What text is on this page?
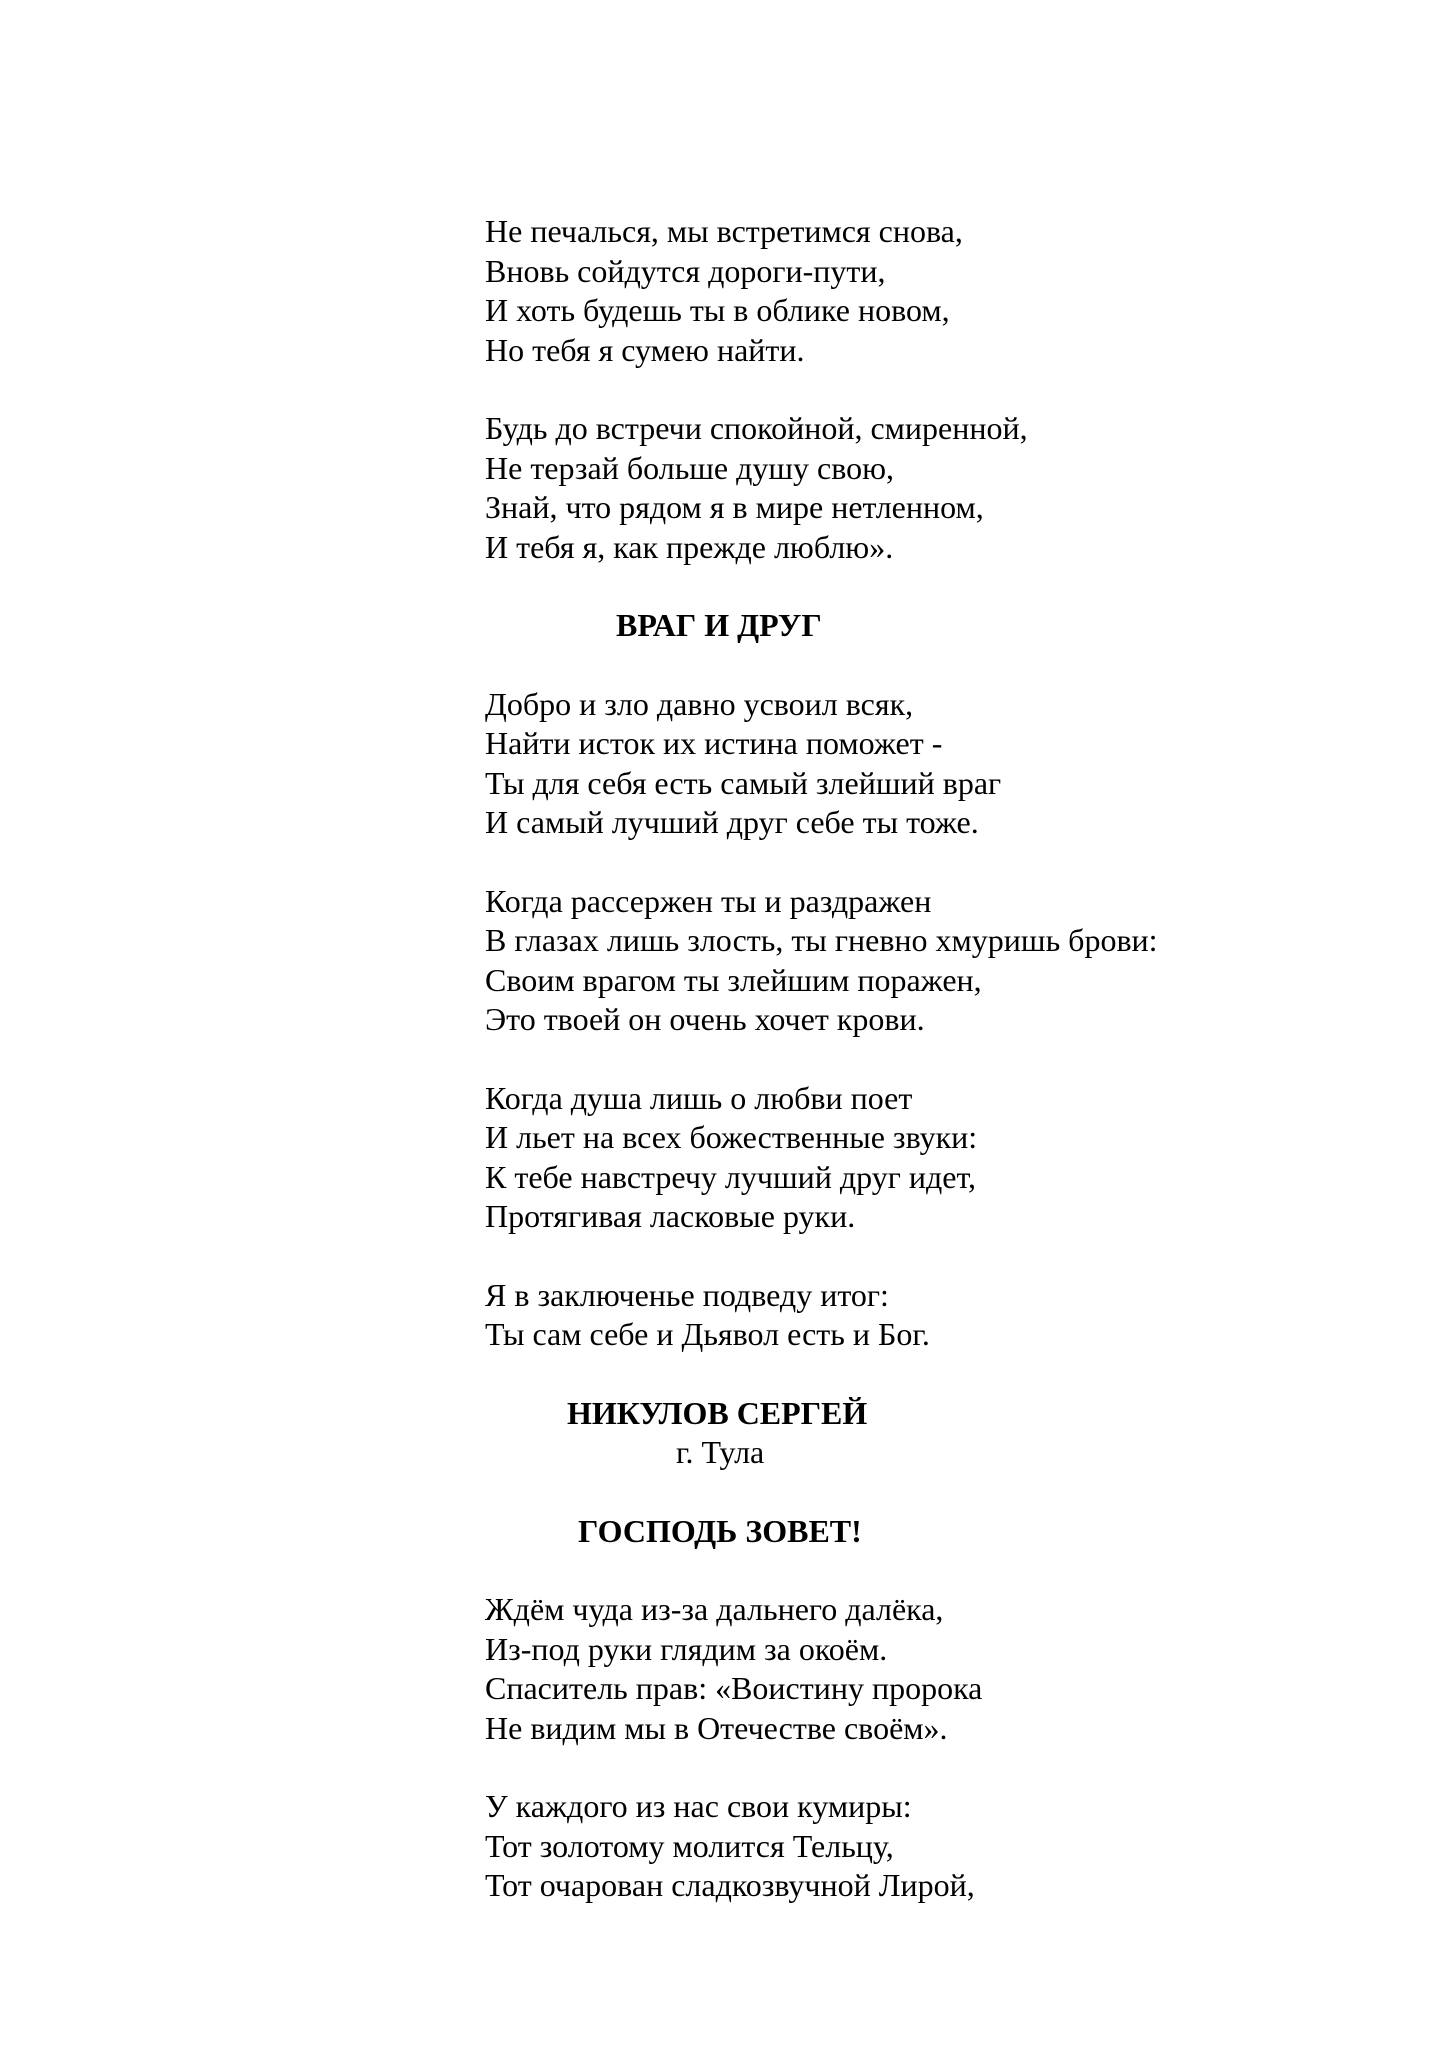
Не печалься, мы встретимся снова,
Вновь сойдутся дороги-пути,
И хоть будешь ты в облике новом,
Но тебя я сумею найти.
Будь до встречи спокойной, смиренной,
Не терзай больше душу свою,
Знай, что рядом я в мире нетленном,
И тебя я, как прежде люблю».
ВРАГ И ДРУГ
Добро и зло давно усвоил всяк,
Найти исток их истина поможет -
Ты для себя есть самый злейший враг
И самый лучший друг себе ты тоже.
Когда рассержен ты и раздражен
В глазах лишь злость, ты гневно хмуришь брови:
Своим врагом ты злейшим поражен,
Это твоей он очень хочет крови.
Когда душа лишь о любви поет
И льет на всех божественные звуки:
К тебе навстречу лучший друг идет,
Протягивая ласковые руки.
Я в заключенье подведу итог:
Ты сам себе и Дьявол есть и Бог.
НИКУЛОВ СЕРГЕЙ
г. Тула
ГОСПОДЬ ЗОВЕТ!
Ждём чуда из-за дальнего далёка,
Из-под руки глядим за окоём.
Спаситель прав: «Воистину пророка
Не видим мы в Отечестве своём».
У каждого из нас свои кумиры:
Тот золотому молится Тельцу,
Тот очарован сладкозвучной Лирой,
